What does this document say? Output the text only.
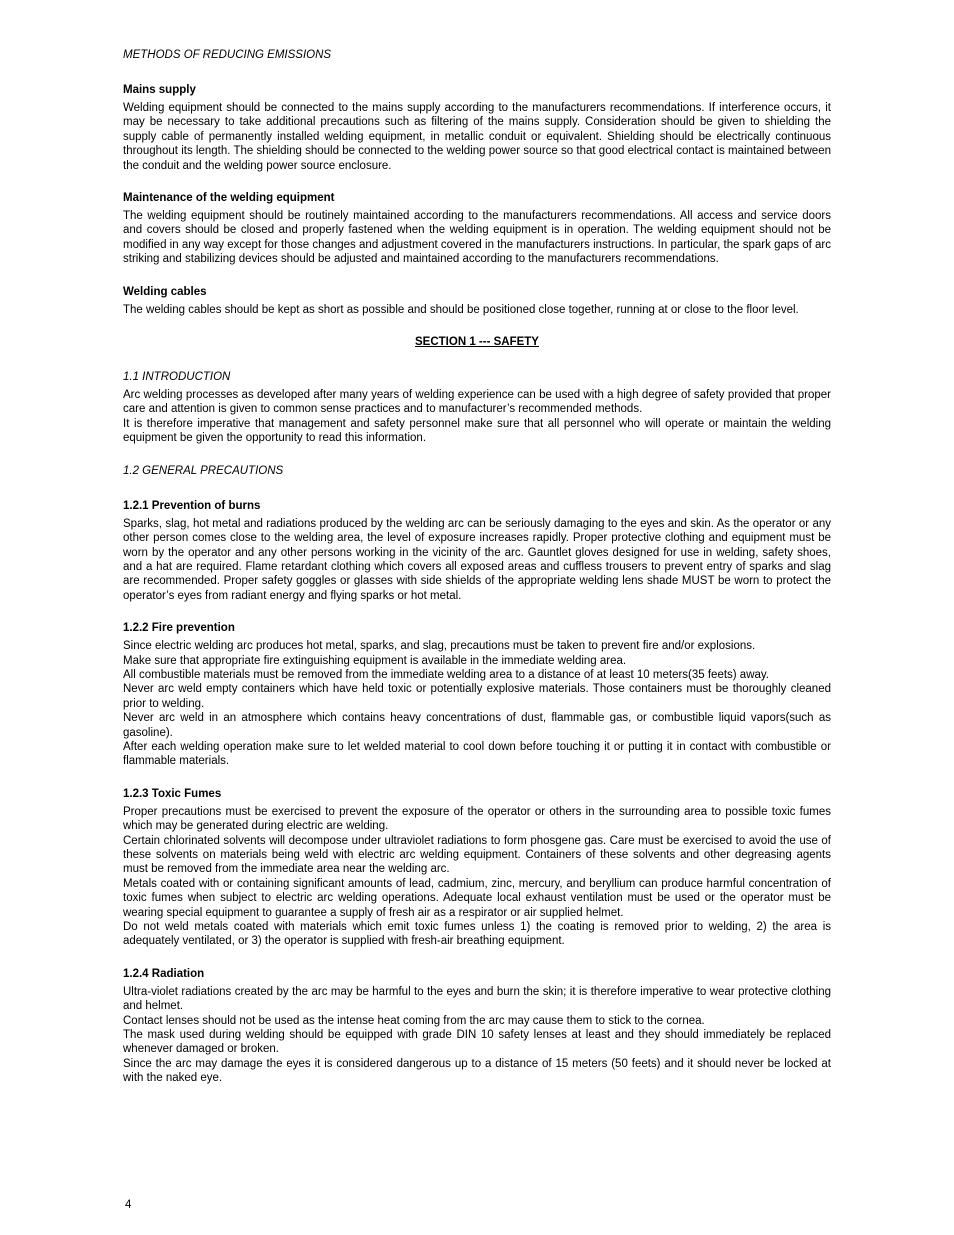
METHODS OF REDUCING EMISSIONS

Mains supply

Welding equipment should be connected to the mains supply according to the manufacturers recommendations. If interference occurs, it may be necessary to take additional precautions such as filtering of the mains supply. Consideration should be given to shielding the supply cable of permanently installed welding equipment, in metallic conduit or equivalent. Shielding should be electrically continuous throughout its length. The shielding should be connected to the welding power source so that good electrical contact is maintained between the conduit and the welding power source enclosure.

Maintenance of the welding equipment

The welding equipment should be routinely maintained according to the manufacturers recommendations. All access and service doors and covers should be closed and properly fastened when the welding equipment is in operation. The welding equipment should not be modified in any way except for those changes and adjustment covered in the manufacturers instructions. In particular, the spark gaps of arc striking and stabilizing devices should be adjusted and maintained according to the manufacturers recommendations.

Welding cables

The welding cables should be kept as short as possible and should be positioned close together, running at or close to the floor level.

SECTION 1 --- SAFETY

1.1 INTRODUCTION

Arc welding processes as developed after many years of welding experience can be used with a high degree of safety provided that proper care and attention is given to common sense practices and to manufacturer’s recommended methods.

It is therefore imperative that management and safety personnel make sure that all personnel who will operate or maintain the welding equipment be given the opportunity to read this information.

1.2 GENERAL PRECAUTIONS

1.2.1 Prevention of burns

Sparks, slag, hot metal and radiations produced by the welding arc can be seriously damaging to the eyes and skin. As the operator or any other person comes close to the welding area, the level of exposure increases rapidly. Proper protective clothing and equipment must be worn by the operator and any other persons working in the vicinity of the arc. Gauntlet gloves designed for use in welding, safety shoes, and a hat are required. Flame retardant clothing which covers all exposed areas and cuffless trousers to prevent entry of sparks and slag are recommended. Proper safety goggles or glasses with side shields of the appropriate welding lens shade MUST be worn to protect the operator’s eyes from radiant energy and flying sparks or hot metal.

1.2.2 Fire prevention

Since electric welding arc produces hot metal, sparks, and slag, precautions must be taken to prevent fire and/or explosions.

Make sure that appropriate fire extinguishing equipment is available in the immediate welding area.

All combustible materials must be removed from the immediate welding area to a distance of at least 10 meters(35 feets) away.

Never arc weld empty containers which have held toxic or potentially explosive materials. Those containers must be thoroughly cleaned prior to welding.

Never arc weld in an atmosphere which contains heavy concentrations of dust, flammable gas, or combustible liquid vapors(such as gasoline).

After each welding operation make sure to let welded material to cool down before touching it or putting it in contact with combustible or flammable materials.

1.2.3 Toxic Fumes

Proper precautions must be exercised to prevent the exposure of the operator or others in the surrounding area to possible toxic fumes which may be generated during electric are welding.

Certain chlorinated solvents will decompose under ultraviolet radiations to form phosgene gas. Care must be exercised to avoid the use of these solvents on materials being weld with electric arc welding equipment. Containers of these solvents and other degreasing agents must be removed from the immediate area near the welding arc.

Metals coated with or containing significant amounts of lead, cadmium, zinc, mercury, and beryllium can produce harmful concentration of toxic fumes when subject to electric arc welding operations. Adequate local exhaust ventilation must be used or the operator must be wearing special equipment to guarantee a supply of fresh air as a respirator or air supplied helmet.

Do not weld metals coated with materials which emit toxic fumes unless 1) the coating is removed prior to welding, 2) the area is adequately ventilated, or 3) the operator is supplied with fresh-air breathing equipment.

1.2.4 Radiation

Ultra-violet radiations created by the arc may be harmful to the eyes and burn the skin; it is therefore imperative to wear protective clothing and helmet.

Contact lenses should not be used as the intense heat coming from the arc may cause them to stick to the cornea.

The mask used during welding should be equipped with grade DIN 10 safety lenses at least and they should immediately be replaced whenever damaged or broken.

Since the arc may damage the eyes it is considered dangerous up to a distance of 15 meters (50 feets) and it should never be locked at with the naked eye.

4
